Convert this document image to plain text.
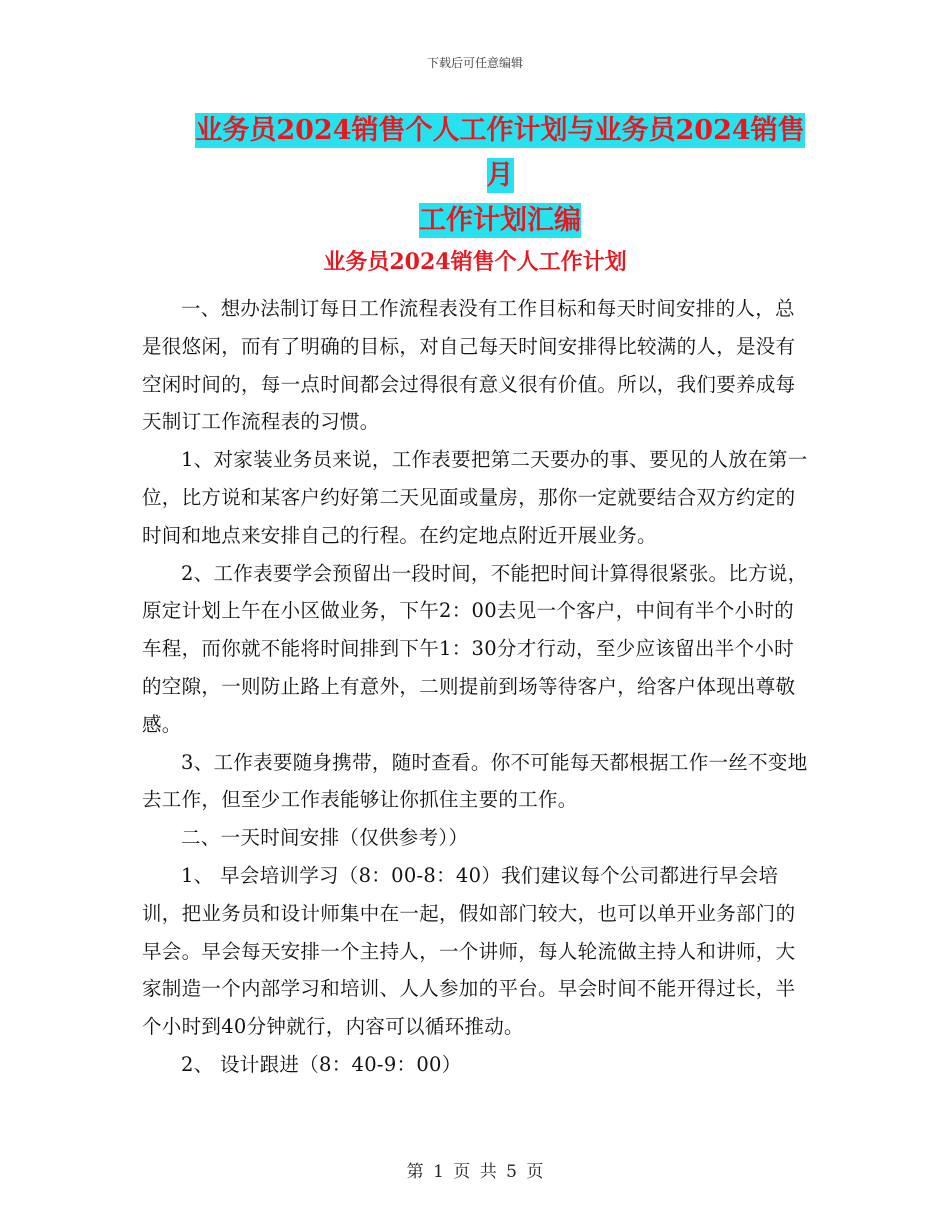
下载后可任意编辑
业务员2024销售个人工作计划与业务员2024销售月
工作计划汇编
业务员2024销售个人工作计划

一、想办法制订每日工作流程表没有工作目标和每天时间安排的人，总是很悠闲，而有了明确的目标，对自己每天时间安排得比较满的人，是没有空闲时间的，每一点时间都会过得很有意义很有价值。所以，我们要养成每天制订工作流程表的习惯。

1、对家装业务员来说，工作表要把第二天要办的事、要见的人放在第一位，比方说和某客户约好第二天见面或量房，那你一定就要结合双方约定的时间和地点来安排自己的行程。在约定地点附近开展业务。

2、工作表要学会预留出一段时间，不能把时间计算得很紧张。比方说，原定计划上午在小区做业务，下午2：00去见一个客户，中间有半个小时的车程，而你就不能将时间排到下午1：30分才行动，至少应该留出半个小时的空隙，一则防止路上有意外，二则提前到场等待客户，给客户体现出尊敬感。

3、工作表要随身携带，随时查看。你不可能每天都根据工作一丝不变地去工作，但至少工作表能够让你抓住主要的工作。

二、一天时间安排（仅供参考））

1、 早会培训学习（8：00-8：40）我们建议每个公司都进行早会培训，把业务员和设计师集中在一起，假如部门较大，也可以单开业务部门的早会。早会每天安排一个主持人，一个讲师，每人轮流做主持人和讲师，大家制造一个内部学习和培训、人人参加的平台。早会时间不能开得过长，半个小时到40分钟就行，内容可以循环推动。

2、 设计跟进（8：40-9：00）

第 1 页 共 5 页
